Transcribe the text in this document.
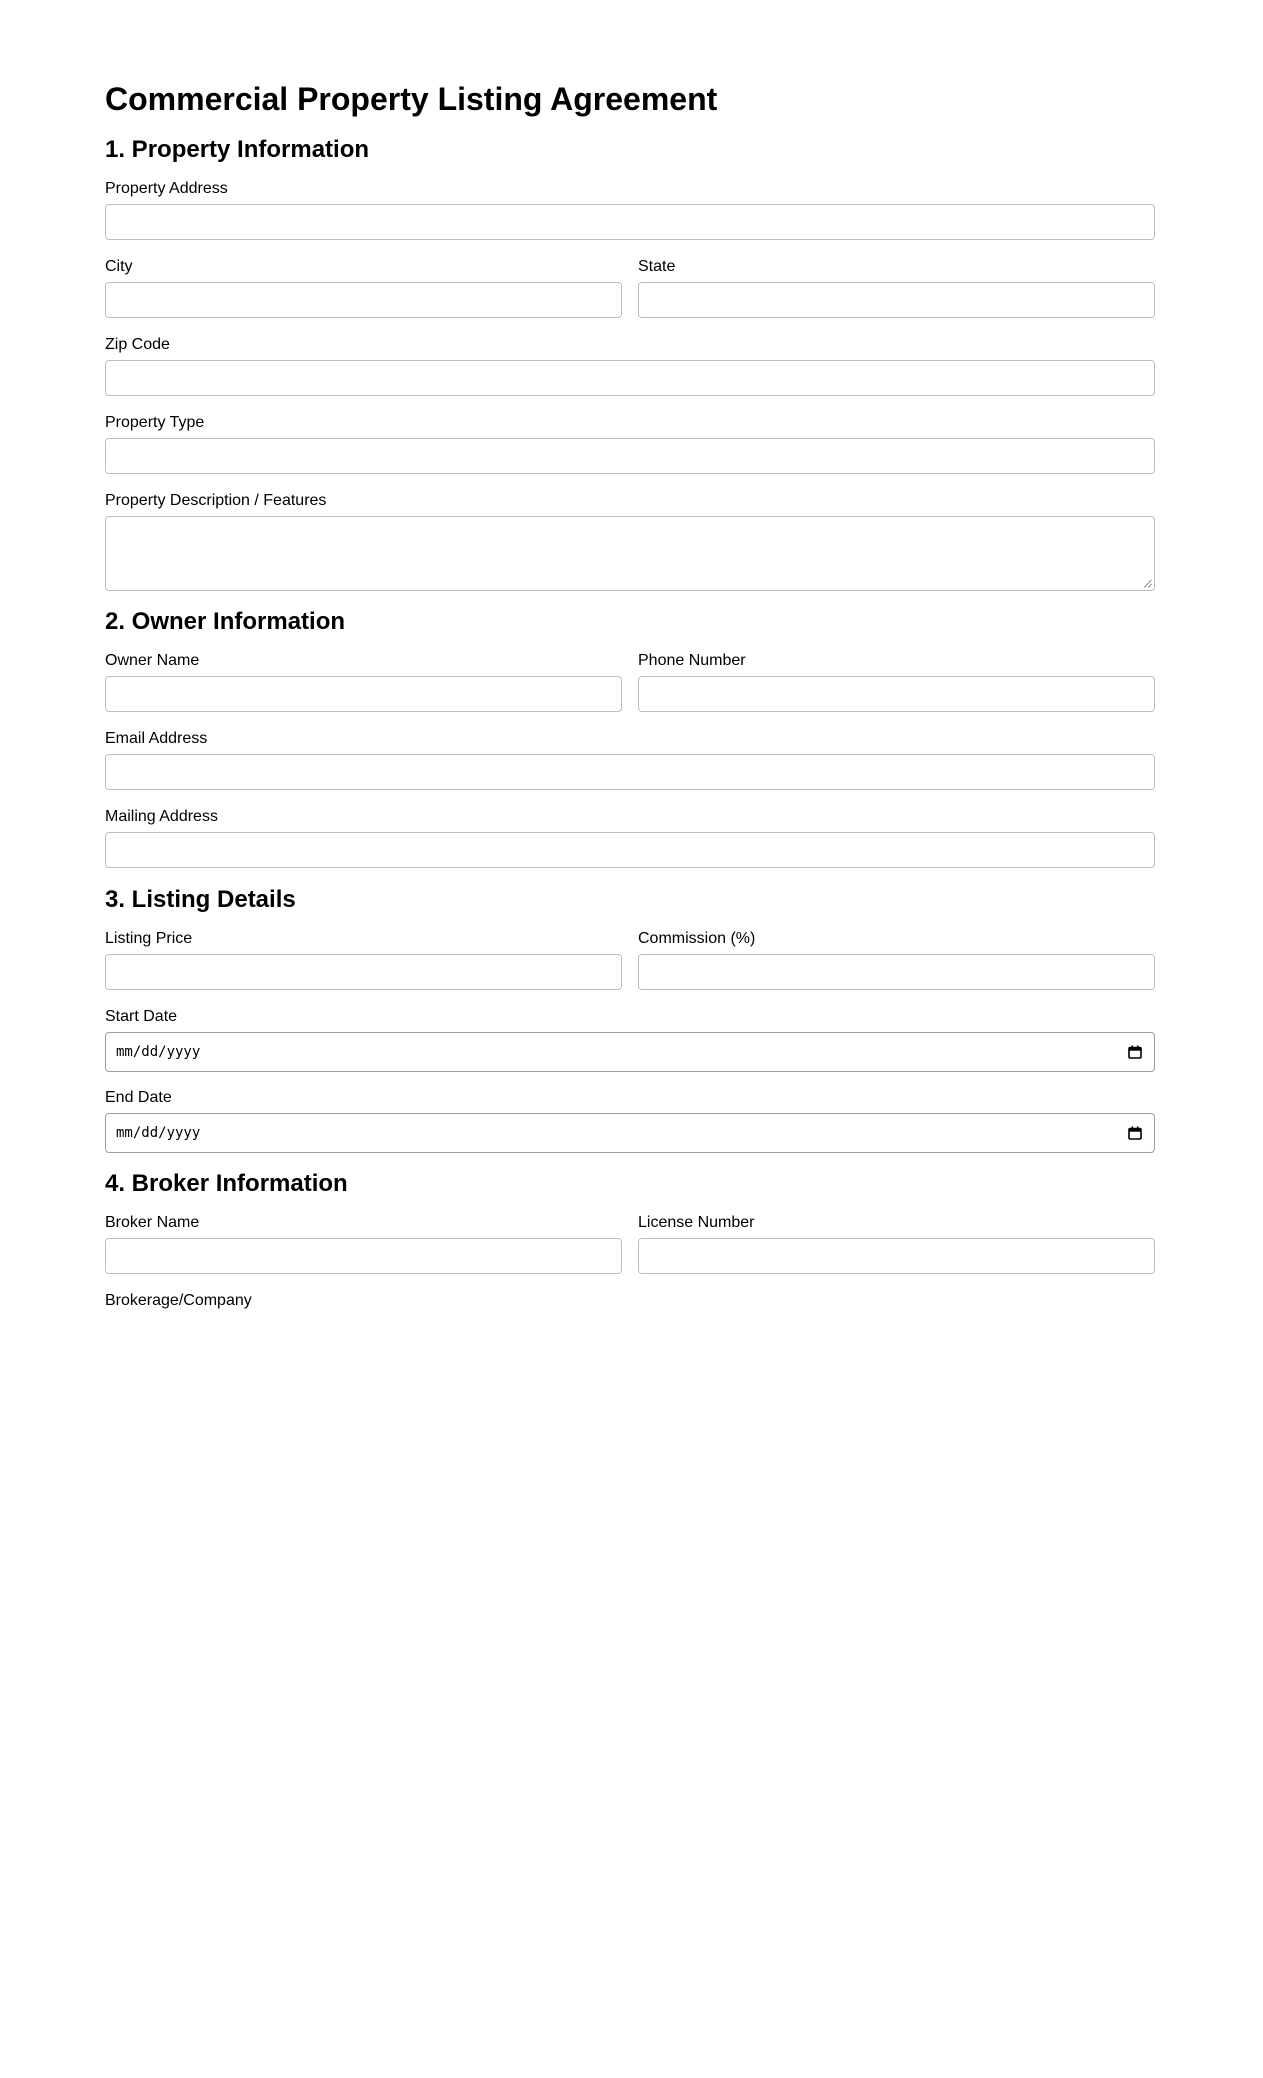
Commercial Property Listing Agreement
1. Property Information
Property Address
City	State
Zip Code
Property Type
Property Description / Features
2. Owner Information
Owner Name	Phone Number
Email Address
Mailing Address
3. Listing Details
Listing Price	Commission (%)
Start Date
mm/dd/yyyy
End Date
mm/dd/yyyy
4. Broker Information
Broker Name	License Number
Brokerage/Company
